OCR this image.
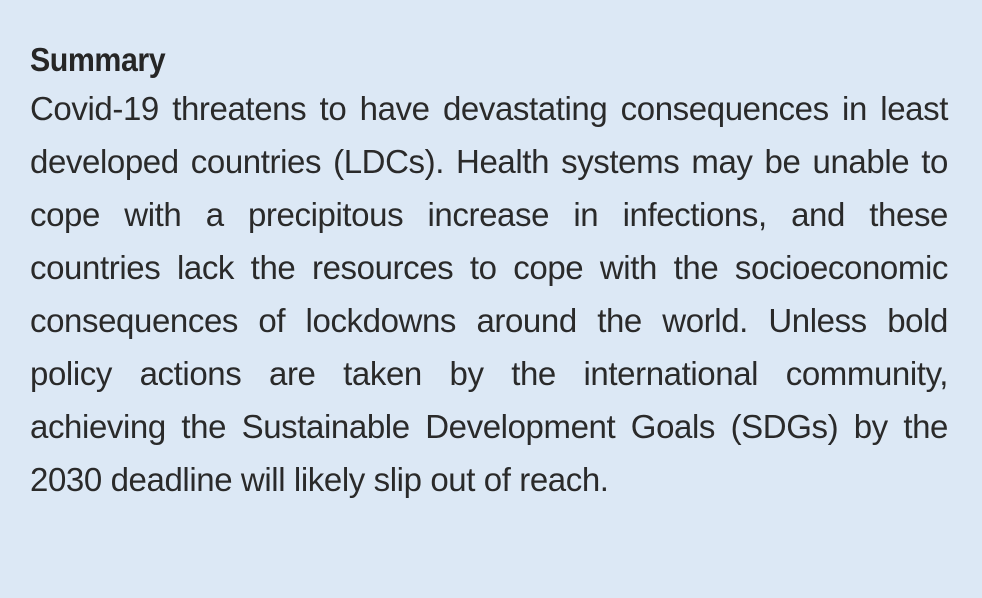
Summary

Covid-19 threatens to have devastating consequences in least developed countries (LDCs). Health systems may be unable to cope with a precipitous increase in infections, and these countries lack the resources to cope with the socioeconomic consequences of lockdowns around the world. Unless bold policy actions are taken by the international community, achieving the Sustainable Development Goals (SDGs) by the 2030 deadline will likely slip out of reach.
